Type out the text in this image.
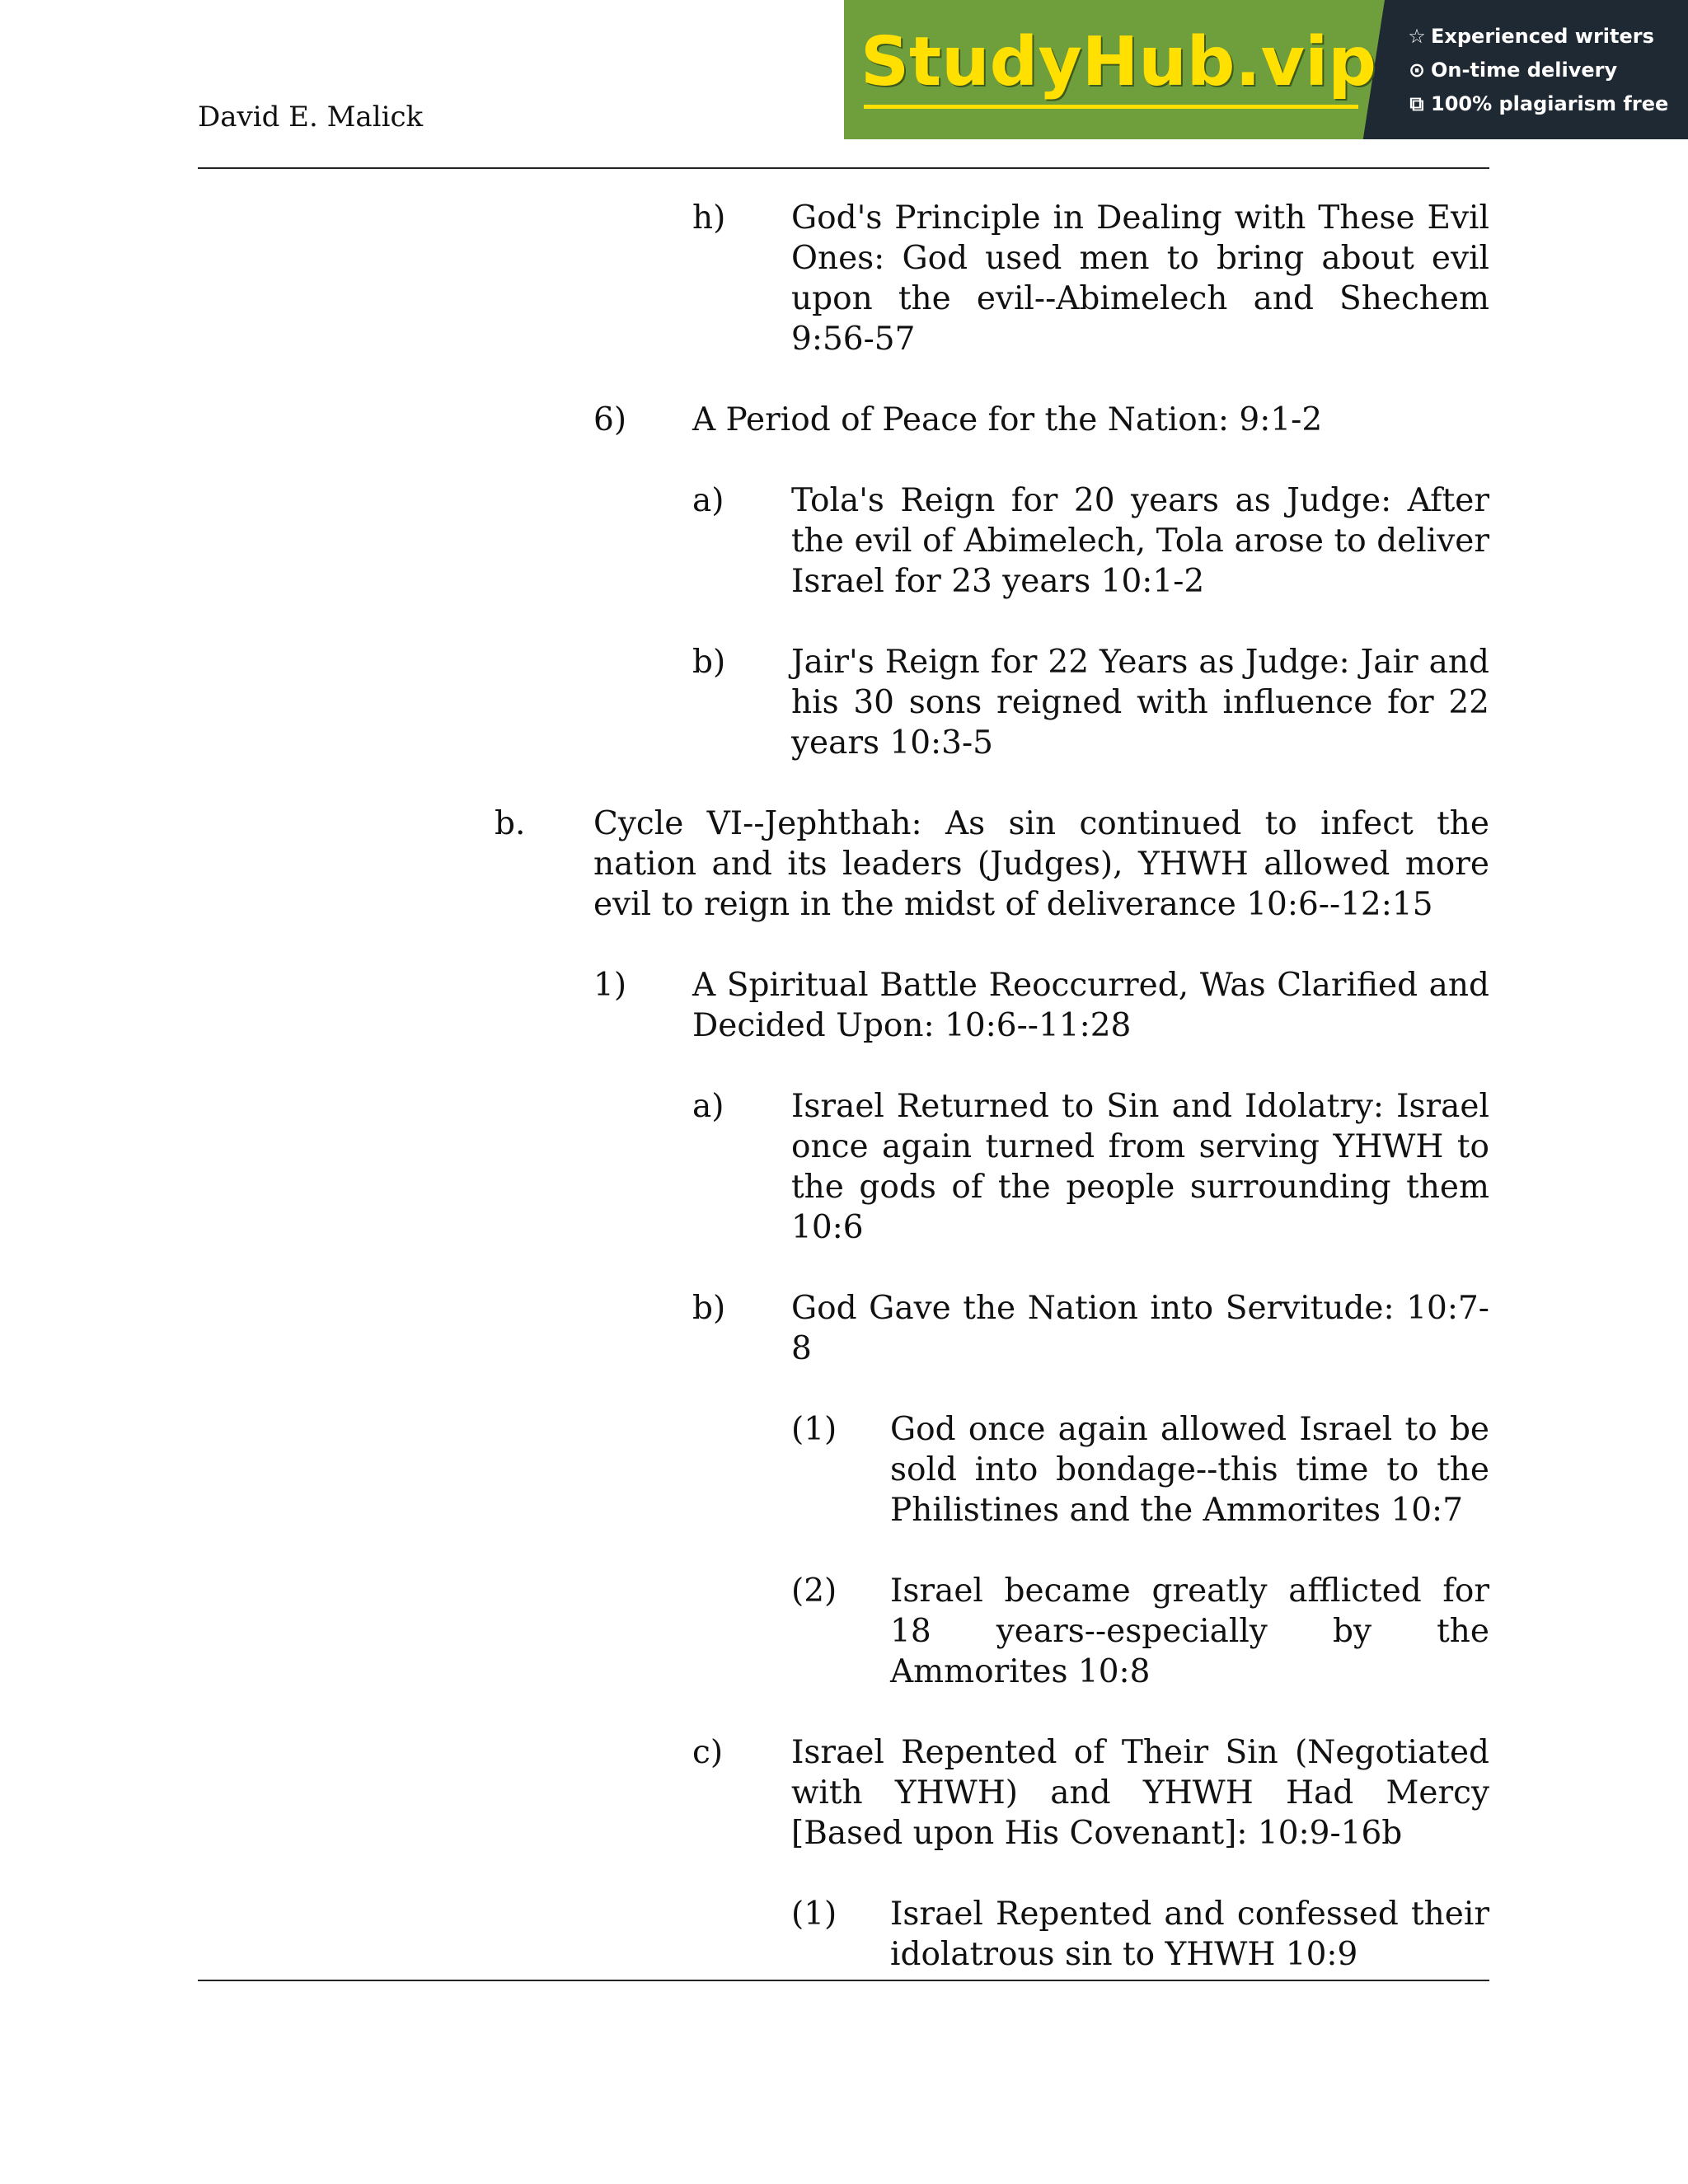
David E. Malick
StudyHub.vip ☆ Experienced writers
⊙ On-time delivery
⧉ 100% plagiarism free
h)	God's Principle in Dealing with These Evil Ones: God used men to bring about evil upon the evil--Abimelech and Shechem 9:56-57
6)	A Period of Peace for the Nation: 9:1-2
a)	Tola's Reign for 20 years as Judge: After the evil of Abimelech, Tola arose to deliver Israel for 23 years 10:1-2
b)	Jair's Reign for 22 Years as Judge: Jair and his 30 sons reigned with influence for 22 years 10:3-5
b.	Cycle VI--Jephthah: As sin continued to infect the nation and its leaders (Judges), YHWH allowed more evil to reign in the midst of deliverance 10:6--12:15
1)	A Spiritual Battle Reoccurred, Was Clarified and Decided Upon: 10:6--11:28
a)	Israel Returned to Sin and Idolatry: Israel once again turned from serving YHWH to the gods of the people surrounding them 10:6
b)	God Gave the Nation into Servitude: 10:7-8
(1)	God once again allowed Israel to be sold into bondage--this time to the Philistines and the Ammorites 10:7
(2)	Israel became greatly afflicted for 18 years--especially by the Ammorites 10:8
c)	Israel Repented of Their Sin (Negotiated with YHWH) and YHWH Had Mercy [Based upon His Covenant]: 10:9-16b
(1)	Israel Repented and confessed their idolatrous sin to YHWH 10:9
